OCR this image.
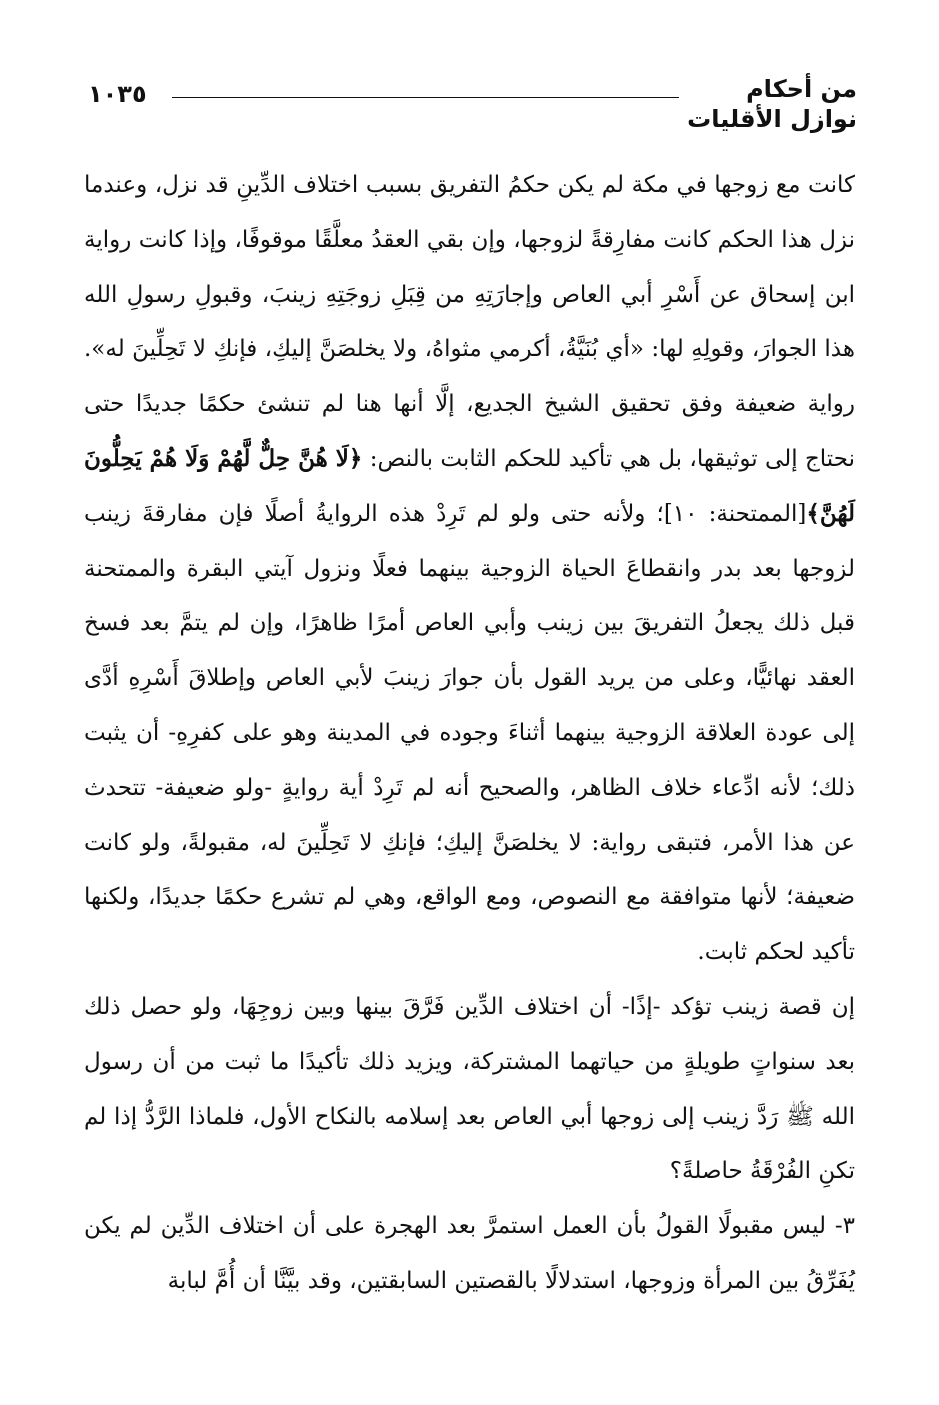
من أحكام
نوازل الأقليات
١٠٣٥

كانت مع زوجها في مكة لم يكن حكمُ التفريق بسبب اختلاف الدِّينِ قد نزل، وعندما نزل هذا الحكم كانت مفارِقةً لزوجها، وإن بقي العقدُ معلَّقًا موقوفًا، وإذا كانت رواية ابن إسحاق عن أَسْرِ أبي العاص وإجارَتِهِ من قِبَلِ زوجَتِهِ زينبَ، وقبولِ رسولِ الله هذا الجوارَ، وقولِهِ لها: «أي بُنَيَّةُ، أكرمي مثواهُ، ولا يخلصَنَّ إليكِ، فإنكِ لا تَحِلِّينَ له». رواية ضعيفة وفق تحقيق الشيخ الجديع، إلَّا أنها هنا لم تنشئ حكمًا جديدًا حتى نحتاج إلى توثيقها، بل هي تأكيد للحكم الثابت بالنص: ﴿لَا هُنَّ حِلٌّ لَّهُمْ وَلَا هُمْ يَحِلُّونَ لَهُنَّ﴾[الممتحنة: ١٠]؛ ولأنه حتى ولو لم تَرِدْ هذه الروايةُ أصلًا فإن مفارقةَ زينب لزوجها بعد بدر وانقطاعَ الحياة الزوجية بينهما فعلًا ونزول آيتي البقرة والممتحنة قبل ذلك يجعلُ التفريقَ بين زينب وأبي العاص أمرًا ظاهرًا، وإن لم يتمَّ بعد فسخ العقد نهائيًّا، وعلى من يريد القول بأن جوارَ زينبَ لأبي العاص وإطلاقَ أَسْرِهِ أدَّى إلى عودة العلاقة الزوجية بينهما أثناءَ وجوده في المدينة وهو على كفرِهِ- أن يثبت ذلك؛ لأنه ادِّعاء خلاف الظاهر، والصحيح أنه لم تَرِدْ أية روايةٍ -ولو ضعيفة- تتحدث عن هذا الأمر، فتبقى رواية: لا يخلصَنَّ إليكِ؛ فإنكِ لا تَحِلِّينَ له، مقبولةً، ولو كانت ضعيفة؛ لأنها متوافقة مع النصوص، ومع الواقع، وهي لم تشرع حكمًا جديدًا، ولكنها تأكيد لحكم ثابت.

إن قصة زينب تؤكد -إذًا- أن اختلاف الدِّين فَرَّقَ بينها وبين زوجِهَا، ولو حصل ذلك بعد سنواتٍ طويلةٍ من حياتهما المشتركة، ويزيد ذلك تأكيدًا ما ثبت من أن رسول الله ﷺ رَدَّ زينب إلى زوجها أبي العاص بعد إسلامه بالنكاح الأول، فلماذا الرَّدُّ إذا لم تكنِ الفُرْقَةُ حاصلةً؟

٣- ليس مقبولًا القولُ بأن العمل استمرَّ بعد الهجرة على أن اختلاف الدِّين لم يكن يُفَرِّقُ بين المرأة وزوجها، استدلالًا بالقصتين السابقتين، وقد بيَّنَّا أن أُمَّ لبابة
